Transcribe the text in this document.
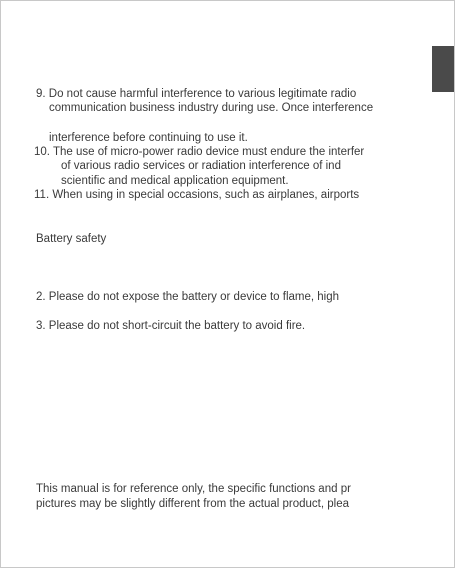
9. Do not cause harmful interference to various legitimate radio
communication business industry during use. Once interference
interference before continuing to use it.
10. The use of micro-power radio device must endure the interfer
of various radio services or radiation interference of ind
scientific and medical application equipment.
11. When using in special occasions, such as airplanes, airports
Battery safety
2. Please do not expose the battery or device to flame, high
3. Please do not short-circuit the battery to avoid fire.
This manual is for reference only, the specific functions and pr
pictures may be slightly different from the actual product, plea
